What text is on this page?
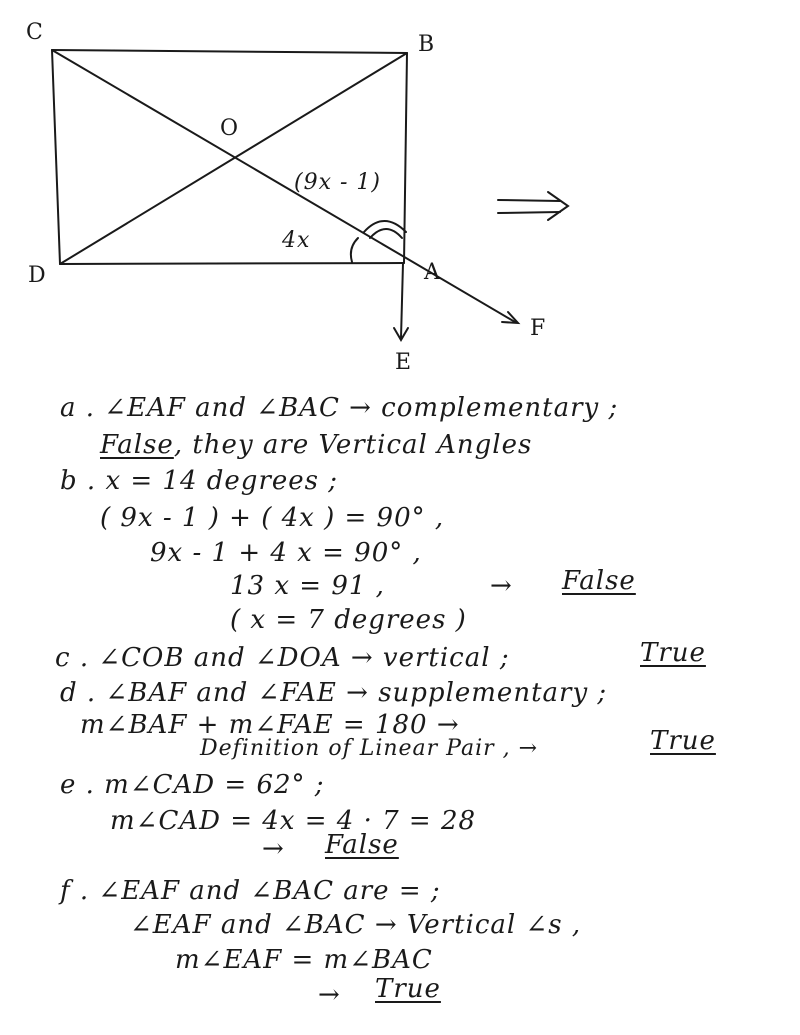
C	B
O
D	A
E
F
(9x - 1)
4x
a . ∠EAF and ∠BAC → complementary ;
False, they are Vertical Angles
b . x = 14 degrees ;
( 9x - 1 ) + ( 4x ) = 90° ,
9x - 1 + 4 x = 90° ,
13 x = 91 ,	→ False
( x = 7 degrees )
c . ∠COB and ∠DOA → vertical ;	True
d . ∠BAF and ∠FAE → supplementary ;
m∠BAF + m∠FAE = 180 →
Definition of Linear Pair , →	True
e . m∠CAD = 62° ;
m∠CAD = 4x = 4 · 7 = 28
→ False
f . ∠EAF and ∠BAC are = ;
∠EAF and ∠BAC → Vertical ∠s ,
m∠EAF = m∠BAC
→ True
